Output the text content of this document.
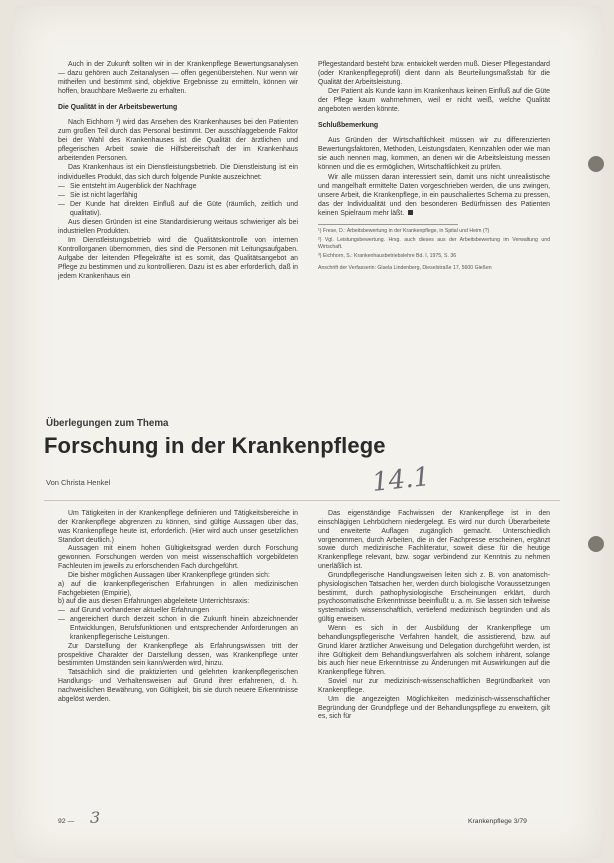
Auch in der Zukunft sollten wir in der Krankenpflege Bewertungsanalysen — dazu gehören auch Zeitanalysen — offen gegenüberstehen. Nur wenn wir mitheifen und bestimmt sind, objektive Ergebnisse zu ermitteln, können wir hoffen, brauchbare Meßwerte zu erhalten.

Die Qualität in der Arbeitsbewertung

Nach Eichhorn ³) wird das Ansehen des Krankenhauses bei den Patienten zum großen Teil durch das Personal bestimmt. Der ausschlaggebende Faktor bei der Wahl des Krankenhauses ist die Qualität der ärztlichen und pflegerischen Arbeit sowie die Hilfsbereitschaft der im Krankenhaus arbeitenden Personen.

Das Krankenhaus ist ein Dienstleistungsbetrieb. Die Dienstleistung ist ein individuelles Produkt, das sich durch folgende Punkte auszeichnet:

— Sie entsteht im Augenblick der Nachfrage
— Sie ist nicht lagerfähig
— Der Kunde hat direkten Einfluß auf die Güte (räumlich, zeitlich und qualitativ).

Aus diesen Gründen ist eine Standardisierung weitaus schwieriger als bei industriellen Produkten.

Im Dienstleistungsbetrieb wird die Qualitätskontrolle von internen Kontrollorganen übernommen, dies sind die Personen mit Leitungsaufgaben. Aufgabe der leitenden Pflegekräfte ist es somit, das Qualitätsangebot an Pflege zu bestimmen und zu kontrollieren. Dazu ist es aber erforderlich, daß in jedem Krankenhaus ein

Pflegestandard besteht bzw. entwickelt werden muß. Dieser Pflegestandard (oder Krankenpflegeprofil) dient dann als Beurteilungsmaßstab für die Qualität der Arbeitsleistung.

Der Patient als Kunde kann im Krankenhaus keinen Einfluß auf die Güte der Pflege kaum wahrnehmen, weil er nicht weiß, welche Qualität angeboten werden könnte.

Schlußbemerkung

Aus Gründen der Wirtschaftlichkeit müssen wir zu differenzierten Bewertungsfaktoren, Methoden, Leistungsdaten, Kennzahlen oder wie man sie auch nennen mag, kommen, an denen wir die Arbeitsleistung messen können und die es ermöglichen, Wirtschaftlichkeit zu prüfen.

Wir alle müssen daran interessiert sein, damit uns nicht unrealistische und mangelhaft ermittelte Daten vorgeschrieben werden, die uns zwingen, unsere Arbeit, die Krankenpflege, in ein pauschaliertes Schema zu pressen, das der Individualität und den besonderen Bedürfnissen des Patienten keinen Spielraum mehr läßt.

¹) Frese, D.: Arbeitsbewertung in der Krankenpflege, in Spital und Heim (?)
²) Vgl. Leistungsbewertung. Hrsg. auch dieses aus der Arbeitsbewertung im Verwaltung und Wirtschaft.
³) Eichhorn, S.: Krankenhausbetriebslehre Bd. I, 1975, S. 36
Anschrift der Verfasserin: Gisela Lindenberg, Dieselstraße 17, 5600 Gießen
Überlegungen zum Thema
Forschung in der Krankenpflege
Von Christa Henkel	14.1

Um Tätigkeiten in der Krankenpflege definieren und Tätigkeitsbereiche in der Krankenpflege abgrenzen zu können, sind gültige Aussagen über das, was Krankenpflege heute ist, erforderlich. (Hier wird auch unser gesetzlichen Standort deutlich.)

Aussagen mit einem hohen Gültigkeitsgrad werden durch Forschung gewonnen. Forschungen werden von meist wissenschaftlich vorgebildeten Fachleuten im jeweils zu erforschenden Fach durchgeführt.

Die bisher möglichen Aussagen über Krankenpflege gründen sich:

a) auf die krankenpflegerischen Erfahrungen in allen medizinischen Fachgebieten (Empirie),

b) auf die aus diesen Erfahrungen abgeleitete Unterrichtsraxis:

— auf Grund vorhandener aktueller Erfahrungen
— angereichert durch derzeit schon in die Zukunft hinein abzeichnender Entwicklungen, Berufsfunktionen und entsprechender Anforderungen an krankenpflegerische Leistungen.

Zur Darstellung der Krankenpflege als Erfahrungswissen tritt der prospektive Charakter der Darstellung dessen, was Krankenpflege unter bestimmten Umständen sein kann/werden wird, hinzu.

Tatsächlich sind die praktizierten und gelehrten krankenpflegerischen Handlungs- und Verhaltensweisen auf Grund ihrer erfahrenen, d. h. nachweislichen Bewährung, von Gültigkeit, bis sie durch neuere Erkenntnisse abgelöst werden.

Das eigenständige Fachwissen der Krankenpflege ist in den einschlägigen Lehrbüchern niedergelegt. Es wird nur durch Überarbeitete und erweiterte Auflagen zugänglich gemacht. Unterschiedlich vorgenommen, durch Arbeiten, die in der Fachpresse erscheinen, ergänzt sowie durch medizinische Fachliteratur, soweit diese für die heutige Krankenpflege relevant, bzw. sogar verbindend zur Kenntnis zu nehmen unerläßlich ist.

Grundpflegerische Handlungsweisen leiten sich z. B. von anatomisch-physiologischen Tatsachen her, werden durch biologische Voraussetzungen bestimmt, durch pathophysiologische Erscheinungen erklärt, durch psychosomatische Erkenntnisse beeinflußt u. a. m. Sie lassen sich teilweise systematisch wissenschaftlich, vertiefend medizinisch begründen und als gültig erweisen.

Wenn es sich in der Ausbildung der Krankenpflege um behandlungspflegerische Verfahren handelt, die assistierend, bzw. auf Grund klarer ärztlicher Anweisung und Delegation durchgeführt werden, ist ihre Gültigkeit dem Behandlungsverfahren als solchem inhärent, solange bis auch hier neue Erkenntnisse zu Änderungen mit Auswirkungen auf die Krankenpflege führen.

Soviel nur zur medizinisch-wissenschaftlichen Begründbarkeit von Krankenpflege.

Um die angezeigten Möglichkeiten medizinisch-wissenschaftlicher Begründung der Grundpflege und der Behandlungspflege zu erweitern, gilt es, sich für

92 — 3	Krankenpflege 3/79
